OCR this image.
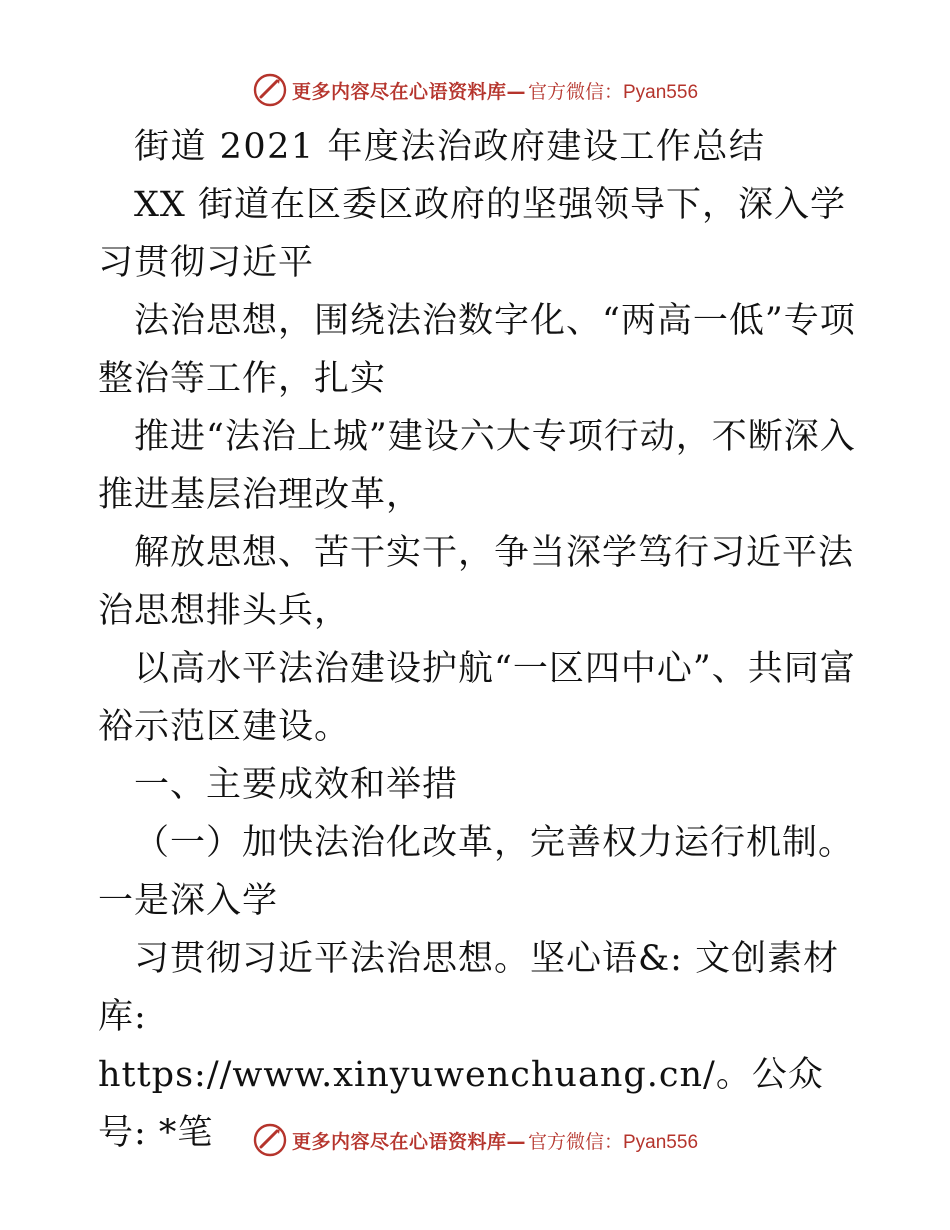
更多内容尽在心语资料库— 官方微信：Pyan556

街道 2021 年度法治政府建设工作总结

XX 街道在区委区政府的坚强领导下，深入学习贯彻习近平

法治思想，围绕法治数字化、“两高一低”专项整治等工作，扎实

推进“法治上城”建设六大专项行动，不断深入推进基层治理改革，

解放思想、苦干实干，争当深学笃行习近平法治思想排头兵，

以高水平法治建设护航“一区四中心”、共同富裕示范区建设。

一、主要成效和举措

（一）加快法治化改革，完善权力运行机制。一是深入学

习贯彻习近平法治思想。坚心语&: 文创素材库:

https://www.xinyuwenchuang.cn/。公众号: *笔	更多内容尽在心语资料库— 官方微信：Pyan556
